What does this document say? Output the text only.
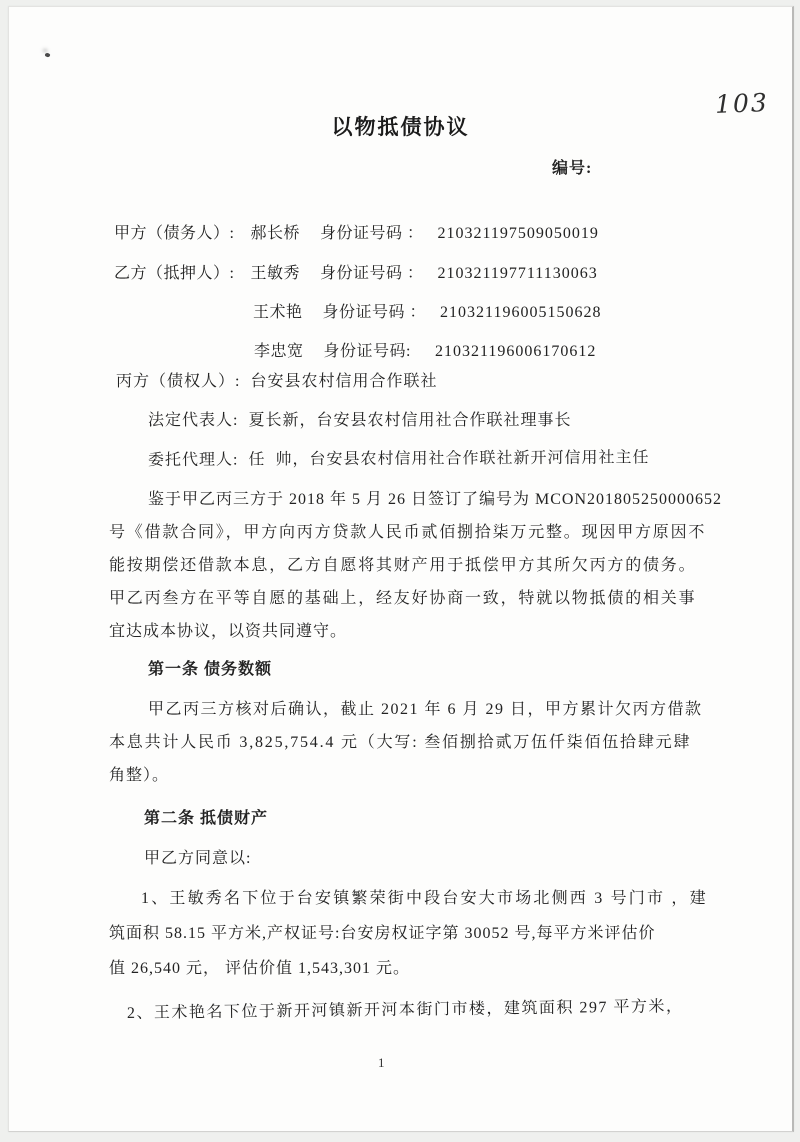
103
以物抵债协议
编号:
甲方（债务人）: 郝长桥 身份证号码 ： 210321197509050019
乙方（抵押人）: 王敏秀 身份证号码 ： 210321197711130063
王术艳 身份证号码 ： 210321196005150628
李忠宽 身份证号码: 210321196006170612
丙方（债权人）: 台安县农村信用合作联社
法定代表人: 夏长新，台安县农村信用社合作联社理事长
委托代理人: 任  帅，台安县农村信用社合作联社新开河信用社主任
鉴于甲乙丙三方于 2018 年 5 月 26 日签订了编号为 MCON201805250000652
号《借款合同》，甲方向丙方贷款人民币贰佰捌拾柒万元整。现因甲方原因不
能按期偿还借款本息，乙方自愿将其财产用于抵偿甲方其所欠丙方的债务。
甲乙丙叁方在平等自愿的基础上，经友好协商一致，特就以物抵债的相关事
宜达成本协议，以资共同遵守。
第一条 债务数额
甲乙丙三方核对后确认，截止 2021 年 6 月 29 日，甲方累计欠丙方借款
本息共计人民币 3,825,754.4 元（大写: 叁佰捌拾贰万伍仟柒佰伍拾肆元肆
角整）。
第二条 抵债财产
甲乙方同意以:
1、王敏秀名下位于台安镇繁荣街中段台安大市场北侧西 3 号门市 ，建
筑面积 58.15 平方米,产权证号:台安房权证字第 30052 号,每平方米评估价
值 26,540 元， 评估价值 1,543,301 元。
2、王术艳名下位于新开河镇新开河本街门市楼，建筑面积 297 平方米，
1
